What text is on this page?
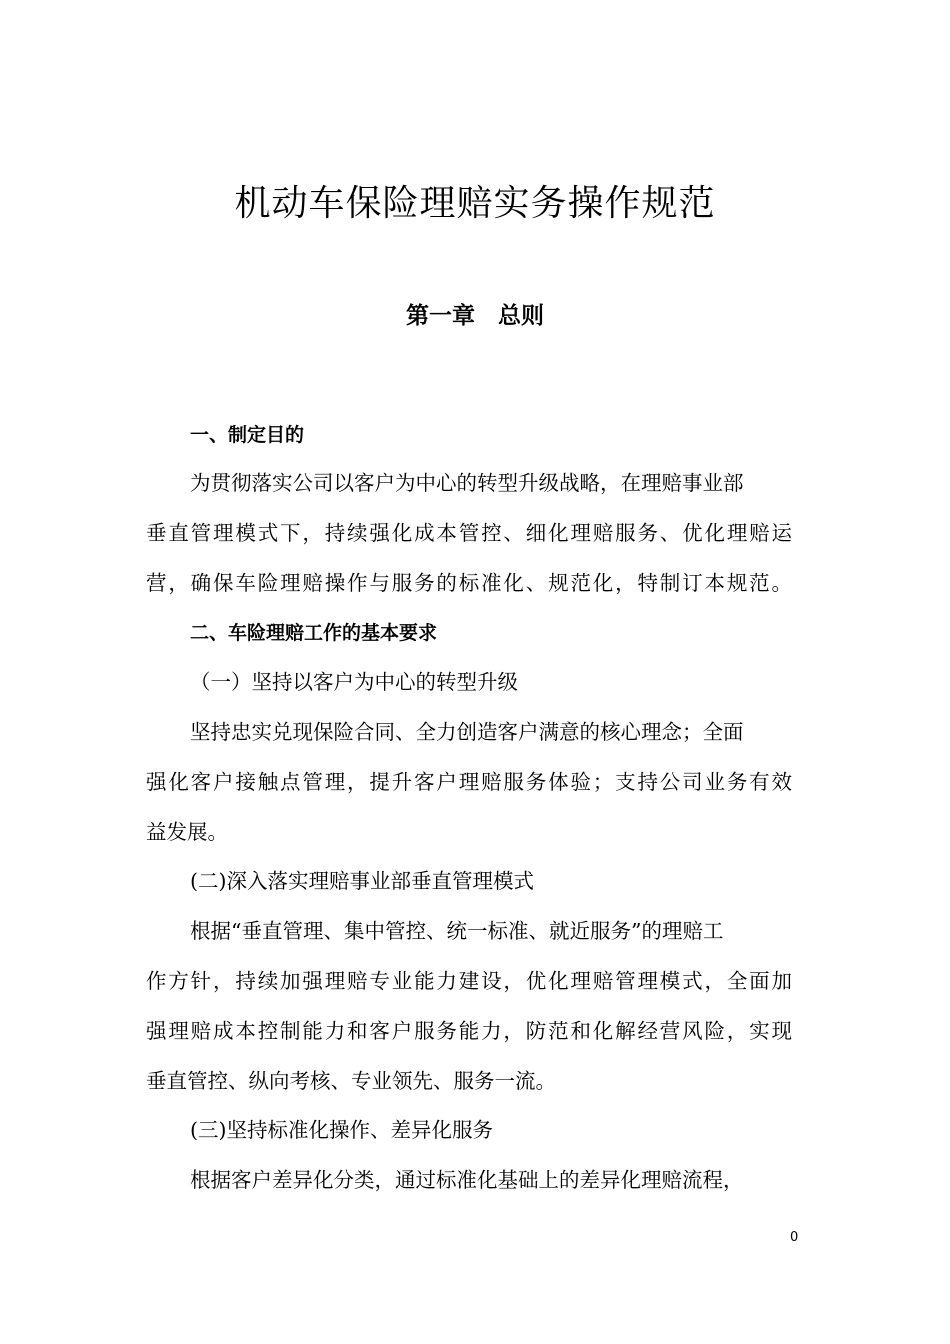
机动车保险理赔实务操作规范
第一章　总则
一、制定目的
为贯彻落实公司以客户为中心的转型升级战略，在理赔事业部
垂直管理模式下，持续强化成本管控、细化理赔服务、优化理赔运
营，确保车险理赔操作与服务的标准化、规范化，特制订本规范。
二、车险理赔工作的基本要求
（一）坚持以客户为中心的转型升级
坚持忠实兑现保险合同、全力创造客户满意的核心理念；全面
强化客户接触点管理，提升客户理赔服务体验；支持公司业务有效
益发展。
(二)深入落实理赔事业部垂直管理模式
根据“垂直管理、集中管控、统一标准、就近服务”的理赔工
作方针，持续加强理赔专业能力建设，优化理赔管理模式，全面加
强理赔成本控制能力和客户服务能力，防范和化解经营风险，实现
垂直管控、纵向考核、专业领先、服务一流。
(三)坚持标准化操作、差异化服务
根据客户差异化分类，通过标准化基础上的差异化理赔流程，
0
